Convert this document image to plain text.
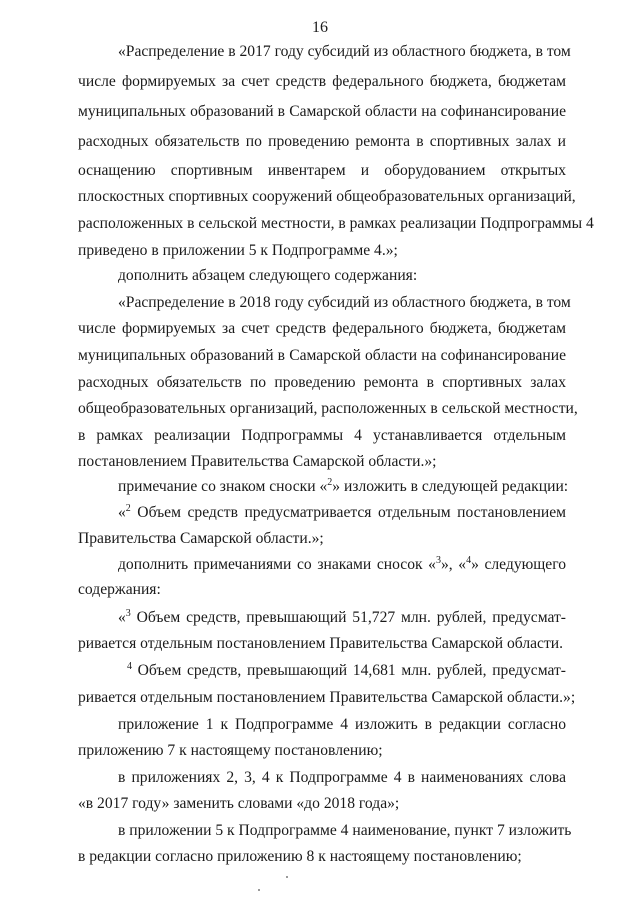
16
«Распределение в 2017 году субсидий из областного бюджета, в том
числе формируемых за счет средств федерального бюджета, бюджетам
муниципальных образований в Самарской области на софинансирование
расходных обязательств по проведению ремонта в спортивных залах и
оснащению спортивным инвентарем и оборудованием открытых
плоскостных спортивных сооружений общеобразовательных организаций,
расположенных в сельской местности, в рамках реализации Подпрограммы 4
приведено в приложении 5 к Подпрограмме 4.»;
дополнить абзацем следующего содержания:
«Распределение в 2018 году субсидий из областного бюджета, в том
числе формируемых за счет средств федерального бюджета, бюджетам
муниципальных образований в Самарской области на софинансирование
расходных обязательств по проведению ремонта в спортивных залах
общеобразовательных организаций, расположенных в сельской местности,
в рамках реализации Подпрограммы 4 устанавливается отдельным
постановлением Правительства Самарской области.»;
примечание со знаком сноски «$^2$» изложить в следующей редакции:
«$^2$ Объем средств предусматривается отдельным постановлением
Правительства Самарской области.»;
дополнить примечаниями со знаками сносок «$^3$», «$^4$» следующего
содержания:
«$^3$ Объем средств, превышающий 51,727 млн. рублей, предусмат-
ривается отдельным постановлением Правительства Самарской области.
$^4$ Объем средств, превышающий 14,681 млн. рублей, предусмат-
ривается отдельным постановлением Правительства Самарской области.»;
приложение 1 к Подпрограмме 4 изложить в редакции согласно
приложению 7 к настоящему постановлению;
в приложениях 2, 3, 4 к Подпрограмме 4 в наименованиях слова
«в 2017 году» заменить словами «до 2018 года»;
в приложении 5 к Подпрограмме 4 наименование, пункт 7 изложить
в редакции согласно приложению 8 к настоящему постановлению;
